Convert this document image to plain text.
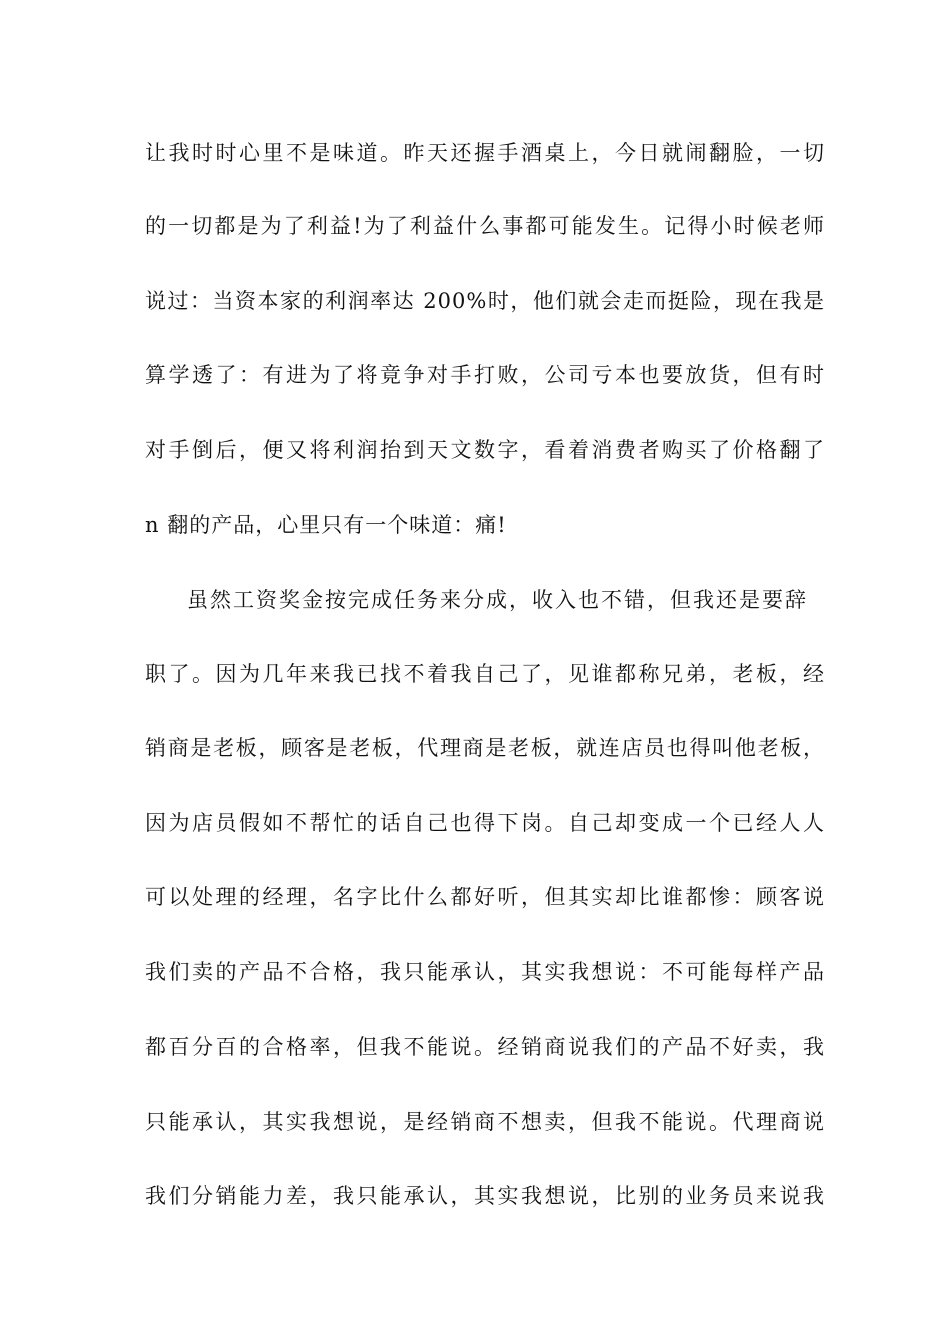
让我时时心里不是味道。昨天还握手酒桌上，今日就闹翻脸，一切
的一切都是为了利益!为了利益什么事都可能发生。记得小时候老师
说过：当资本家的利润率达 200%时，他们就会走而挺险，现在我是
算学透了：有进为了将竟争对手打败，公司亏本也要放货，但有时
对手倒后，便又将利润抬到天文数字，看着消费者购买了价格翻了
n 翻的产品，心里只有一个味道：痛!
虽然工资奖金按完成任务来分成，收入也不错，但我还是要辞
职了。因为几年来我已找不着我自己了，见谁都称兄弟，老板，经
销商是老板，顾客是老板，代理商是老板，就连店员也得叫他老板，
因为店员假如不帮忙的话自己也得下岗。自己却变成一个已经人人
可以处理的经理，名字比什么都好听，但其实却比谁都惨：顾客说
我们卖的产品不合格，我只能承认，其实我想说：不可能每样产品
都百分百的合格率，但我不能说。经销商说我们的产品不好卖，我
只能承认，其实我想说，是经销商不想卖，但我不能说。代理商说
我们分销能力差，我只能承认，其实我想说，比别的业务员来说我
